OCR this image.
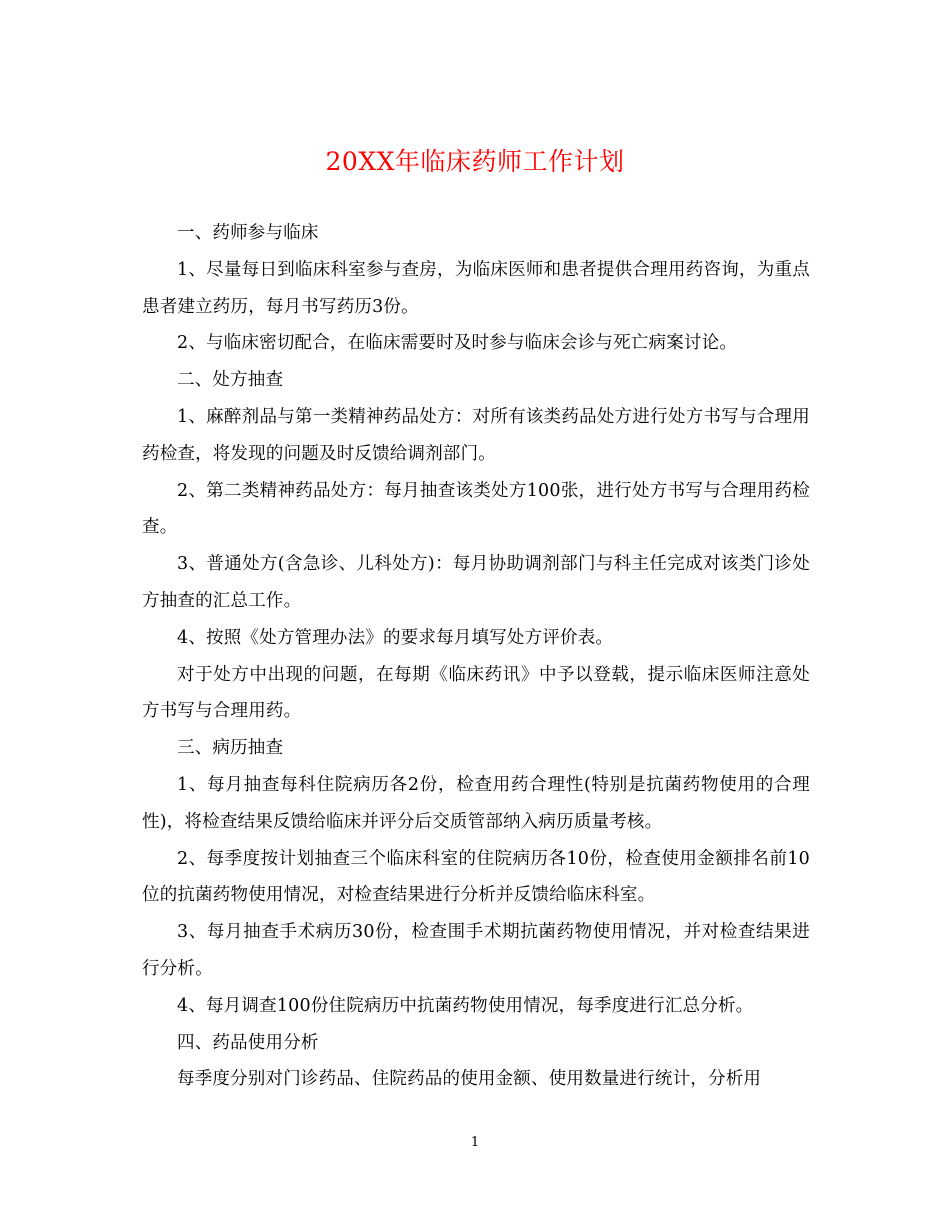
20XX年临床药师工作计划

一、药师参与临床

1、尽量每日到临床科室参与查房，为临床医师和患者提供合理用药咨询，为重点患者建立药历，每月书写药历3份。

2、与临床密切配合，在临床需要时及时参与临床会诊与死亡病案讨论。

二、处方抽查

1、麻醉剂品与第一类精神药品处方：对所有该类药品处方进行处方书写与合理用药检查，将发现的问题及时反馈给调剂部门。

2、第二类精神药品处方：每月抽查该类处方100张，进行处方书写与合理用药检查。

3、普通处方(含急诊、儿科处方)：每月协助调剂部门与科主任完成对该类门诊处方抽查的汇总工作。

4、按照《处方管理办法》的要求每月填写处方评价表。

对于处方中出现的问题，在每期《临床药讯》中予以登载，提示临床医师注意处方书写与合理用药。

三、病历抽查

1、每月抽查每科住院病历各2份，检查用药合理性(特别是抗菌药物使用的合理性)，将检查结果反馈给临床并评分后交质管部纳入病历质量考核。

2、每季度按计划抽查三个临床科室的住院病历各10份，检查使用金额排名前10位的抗菌药物使用情况，对检查结果进行分析并反馈给临床科室。

3、每月抽查手术病历30份，检查围手术期抗菌药物使用情况，并对检查结果进行分析。

4、每月调查100份住院病历中抗菌药物使用情况，每季度进行汇总分析。

四、药品使用分析

每季度分别对门诊药品、住院药品的使用金额、使用数量进行统计，分析用

1
